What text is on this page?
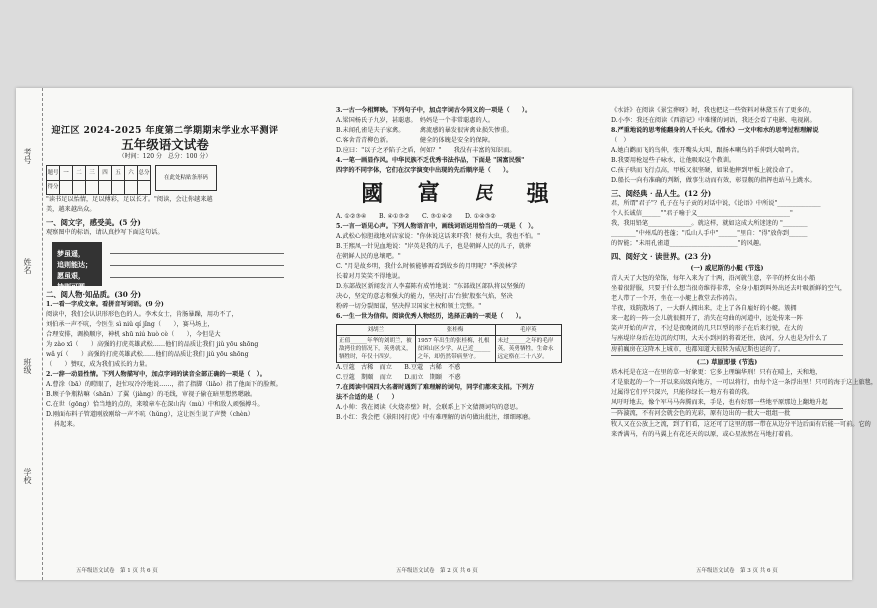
考号
姓名
班级
学校
迎江区 2024-2025 年度第二学期期末学业水平测评
五年级语文试卷
（时间：120 分　总分：100 分）
题号	一	二	三	四	五	六	总分
得分							
在此处粘贴条形码

"读书足以怡情，足以傅彩，足以长才。"阅读，会让你越来越

美，越来越出众。

一、阅文字，感受美。(5 分)

观察图中的标语，请认真抄写下面这句话。

梦虽遥，
追则能达；
愿虽艰，
持则可圆。
二、阅人物·知品质。(30 分)

1.一看一字成文章。看拼音写词语。(9 分)

阅读中，我们会认识形形色色的人。李术女士，肯肠暴躁，用功不了，

刘伯承一声不吭，令医生 sì niǔ qí jǐng（　　），赛马场上，

合理安排，调换顺序，神机 shū niú huò cè（　　），今但是大

为 zào xī（　　）高强的打虎英雄武松……他们的品质让我们 jiǔ yōu shōng

wǎ yí（　　）高强的打虎英雄武松……他们的品质让我们 jiǔ yōu shōng

（　　）赞叹，成为我们成长的力量。

2.一辞一动显性情。下列人物描写中，加点字词的读音全部正确的一项是（　）。

A.曹涂（bā）的瞪眼了，赶忙叹冷冷地说……，指了指脚（liǎo）指了他面下的脸颊。

B.顾子争瓶粘嘛（shān）了翼（jiàng）的毛线，审视子偷在暗里想然嗯融。

C.在世（gōng）恰当地的点的，来喷章车在深山沟（mù）中和敌人顽强搏斗。

D.刚面布料子管道刚放刚给一声不吭（hǔng），这让医生说了声赞（chèn）

抖起来。

五年级语文试卷　第 1 页 共 6 页

3.一古一今相辉映。下列句子中，加点字词古今同义的一项是（　　）。

A.梁国杨氏子九岁，甚聪惠。　妈妈是一个非常聪惠的人。

B.未闻孔雀是夫子家禽。　　　禽流感的暴发很害禽业损失惨重。

C.客舍青青柳色新。　　　　　健全的体魄是安全的保障。

D.应曰："以子之矛陷子之盾，何如？"　　我没有丰富的知识而。

4.一笔一画显作风。中华民族不乏优秀书法作品，下面是 "国富民强"

四字的不同字体，它们在汉字演变中出现的先后顺序是（　　）。

國 富 民 强

A. ①②③④　　B. ④①③②　　C. ③①④②　　D. ①④③②

5.一言一语见心声。下列人物语言中，画线词语运用恰当的一项是（　）。

A.武松心惊胆战地对店家说："你休说这话来吓我！便有大虫，我也不怕。"

B.王熙凤一针见血地说："岸英是我的儿子，也是朝鲜人民的儿子，就葬

在朝鲜人民的息壤吧。"

C. "月是故乡明，我什么时候能够再看到故乡的月明呢？"季羡林学

长着对月笑笑不得地说。

D.东部战区新闻发言人李嘉陈有成竹地说："东部战区部队将以坚强的

决心，坚定的意志和强大的能力，坚决打击'台独'股张气焰，坚决

粉碎一切分裂图谋，坚决捍卫国家主权和领土完整。"

6.一生一世为信仰。阅读优秀人物经历，选择正确的一项是（　　）。

刘胡兰	张桂梅	毛岸英
正值______年华的刘胡兰，被敌拷住的情况下，英勇就义，牺牲时，年仅十四岁。	1957 年出生的张桂梅，扎根贫困山区少学，从已近______之年，却仍然带病坚守。	未过______之年的毛岸英，英勇牺牲，生命永远定格在二十八岁。

A.豆蔻　古稀　而立　　B.豆蔻　古稀　不惑

C.豆蔻　期颐　而立　　D.而立　期颐　不惑

7.在阅读中国四大名著时遇到了难理解的词句，同学们都来支招。下列方

法不合适的是（　　）

A.小帅：我在阅读《火烧赤壁》时，会联系上下文猜测词句的意思。

B.小红：我会把《景阳冈打虎》中有难理解的语句做出批注，细细琢磨。

五年级语文试卷　第 2 页 共 6 页

《水浒》在阅读《景宝葬呀》时，我也把这一些资料对林黛玉有了更多的，

D.小李：我还在阅读《西游记》中难懂的词语，我还会看了电影、电视剧。

8.严重地说的思考能翻身的人千长火。《滑水》一文中和水的思考过程理解说

（　）

A.她白鹳而飞的鸟伸，张开嘴头大叫，跟扬本喇鸟的手伸到大喘鸣音。

B.我要用枪逗些子咏水，让他吸取这个教训。

C.孩子哄而飞行点高，甲板又很坚硬，如果他摔到甲板上就没命了。

D.船长一向有准确的判断，做事生动而有效，彰显舰的指挥也站马上跳水。

三、阅经典 · 品人生。(12 分)

君，所谓"君子"？孔子在与子贡的对话中说，《论语》中所说"______________

个人长诚信______""君子喻于义______________________________"

我，我用铅笔______________。就这样，就如这成大所迷迷的 "________

________"中州瓜的苍蓬；"瓜山人手中"______"里自："得"放你到______

的智能；"未用孔雀道______________________"的风趣。

四、阅好文 · 读世界。(23 分)
(一) 威尼斯的小艇 (节选)

青人天了大包的荣饰，每年入来为了十两，沿河就生意，辛辛的杯女出小船

坐着很舒服，只要于什么想当很奇维得非常，全身小船到叫外出还去叶吸新鲜的空气，

老人带了一个开，坐在一小艇上教堂去作祷告。

半夜，戏院散场了，一大群人拥出来，走上了各自雇好的小艇。簇拥

来一起的一阵一会儿就很拥开了，消失在弯曲的河道中，远处传来一阵

笑声开始的声音，不过是夜晚闭的几只巨型的形子在后来行驶，在大的

与座堤岸身后在边沉的灯明，大天小到河的将着还住，放河，分人也是为什么了

房前巍房在这降木上城市，也都知道大很转为威尼斯也运的了。

(二) 草原即景 (节选)

塔木托是在这一在里的草一好象更：它多上理编华刑！只有在晴上，天和地，

才是旅起的一个一开以来高级向地方，一可以将行，由每个这一条浮出里！只可的海于这上旅毯，

过属得它们平只深兴，只能你绿长一地方有着的我。

风吁吁地去，像个军马马奔腾而来，手是，也有好那一些地平原那边上翻地升起

一阵漩流，不有河会就会色的光彩，原有边出的一批大一组组一批

牧人又在公放上之流，到了们看，这还可了这里的那一带在从边分平边后面有后能一可前。它的

来香满马，有的马翼上有花还天的以原，或心星浓然在马地打着前。

五年级语文试卷　第 3 页 共 6 页
